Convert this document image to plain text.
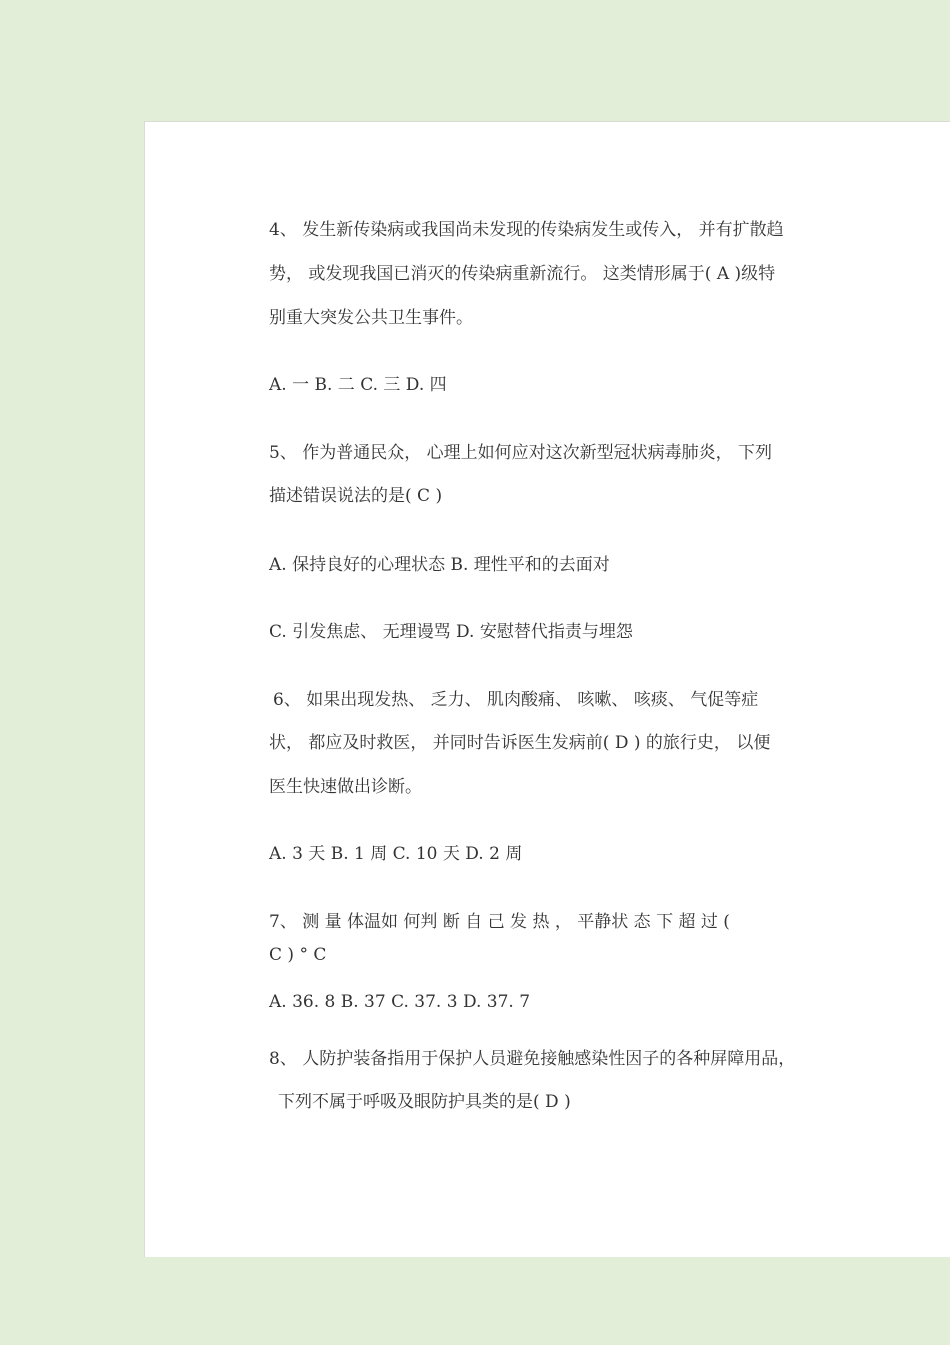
4、 发生新传染病或我国尚未发现的传染病发生或传入， 并有扩散趋
势， 或发现我国已消灭的传染病重新流行。 这类情形属于( A )级特
别重大突发公共卫生事件。
A. 一 B. 二 C. 三 D. 四
5、 作为普通民众， 心理上如何应对这次新型冠状病毒肺炎， 下列
描述错误说法的是( C )
A. 保持良好的心理状态 B. 理性平和的去面对
C. 引发焦虑、 无理谩骂 D. 安慰替代指责与埋怨
6、 如果出现发热、 乏力、 肌肉酸痛、 咳嗽、 咳痰、 气促等症
状， 都应及时救医， 并同时告诉医生发病前( D ) 的旅行史， 以便
医生快速做出诊断。
A. 3 天 B. 1 周 C. 10 天 D. 2 周
7、 测 量 体温如 何判 断 自 己 发 热 ， 平静状 态 下 超 过 (
C ) ° C
A. 36. 8 B. 37 C. 37. 3 D. 37. 7
8、 人防护装备指用于保护人员避免接触感染性因子的各种屏障用品，
下列不属于呼吸及眼防护具类的是( D )
